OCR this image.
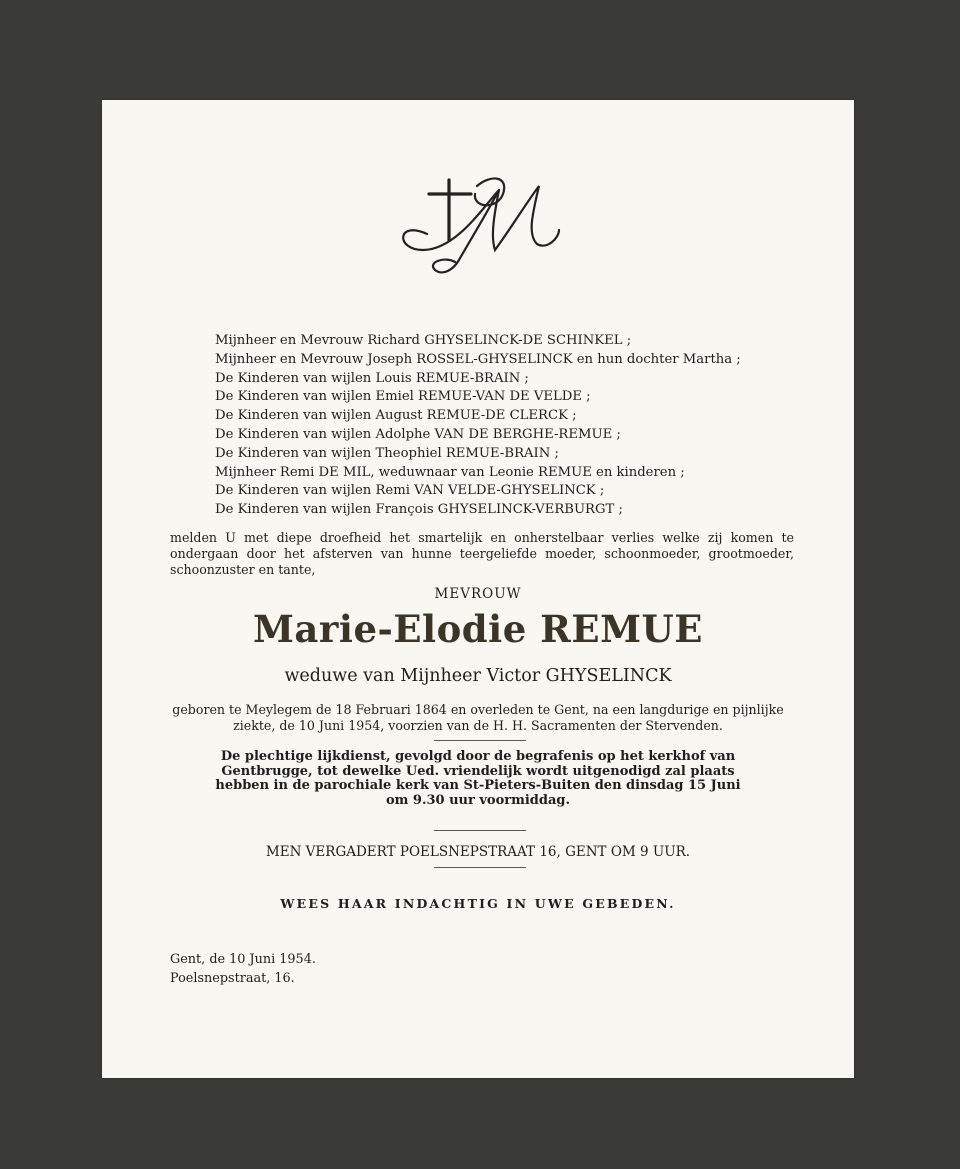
Mijnheer en Mevrouw Richard GHYSELINCK-DE SCHINKEL ;
Mijnheer en Mevrouw Joseph ROSSEL-GHYSELINCK en hun dochter Martha ;
De Kinderen van wijlen Louis REMUE-BRAIN ;
De Kinderen van wijlen Emiel REMUE-VAN DE VELDE ;
De Kinderen van wijlen August REMUE-DE CLERCK ;
De Kinderen van wijlen Adolphe VAN DE BERGHE-REMUE ;
De Kinderen van wijlen Theophiel REMUE-BRAIN ;
Mijnheer Remi DE MIL, weduwnaar van Leonie REMUE en kinderen ;
De Kinderen van wijlen Remi VAN VELDE-GHYSELINCK ;
De Kinderen van wijlen François GHYSELINCK-VERBURGT ;
melden U met diepe droefheid het smartelijk en onherstelbaar verlies welke zij komen te ondergaan door het afsterven van hunne teergeliefde moeder, schoonmoeder, grootmoeder, schoonzuster en tante,
MEVROUW
Marie-Elodie REMUE
weduwe van Mijnheer Victor GHYSELINCK
geboren te Meylegem de 18 Februari 1864 en overleden te Gent, na een langdurige en pijnlijke
ziekte, de 10 Juni 1954, voorzien van de H. H. Sacramenten der Stervenden.
De plechtige lijkdienst, gevolgd door de begrafenis op het kerkhof van
Gentbrugge, tot dewelke Ued. vriendelijk wordt uitgenodigd zal plaats
hebben in de parochiale kerk van St-Pieters-Buiten den dinsdag 15 Juni
om 9.30 uur voormiddag.
MEN VERGADERT POELSNEPSTRAAT 16, GENT OM 9 UUR.
WEES HAAR INDACHTIG IN UWE GEBEDEN.
Gent, de 10 Juni 1954.
Poelsnepstraat, 16.
